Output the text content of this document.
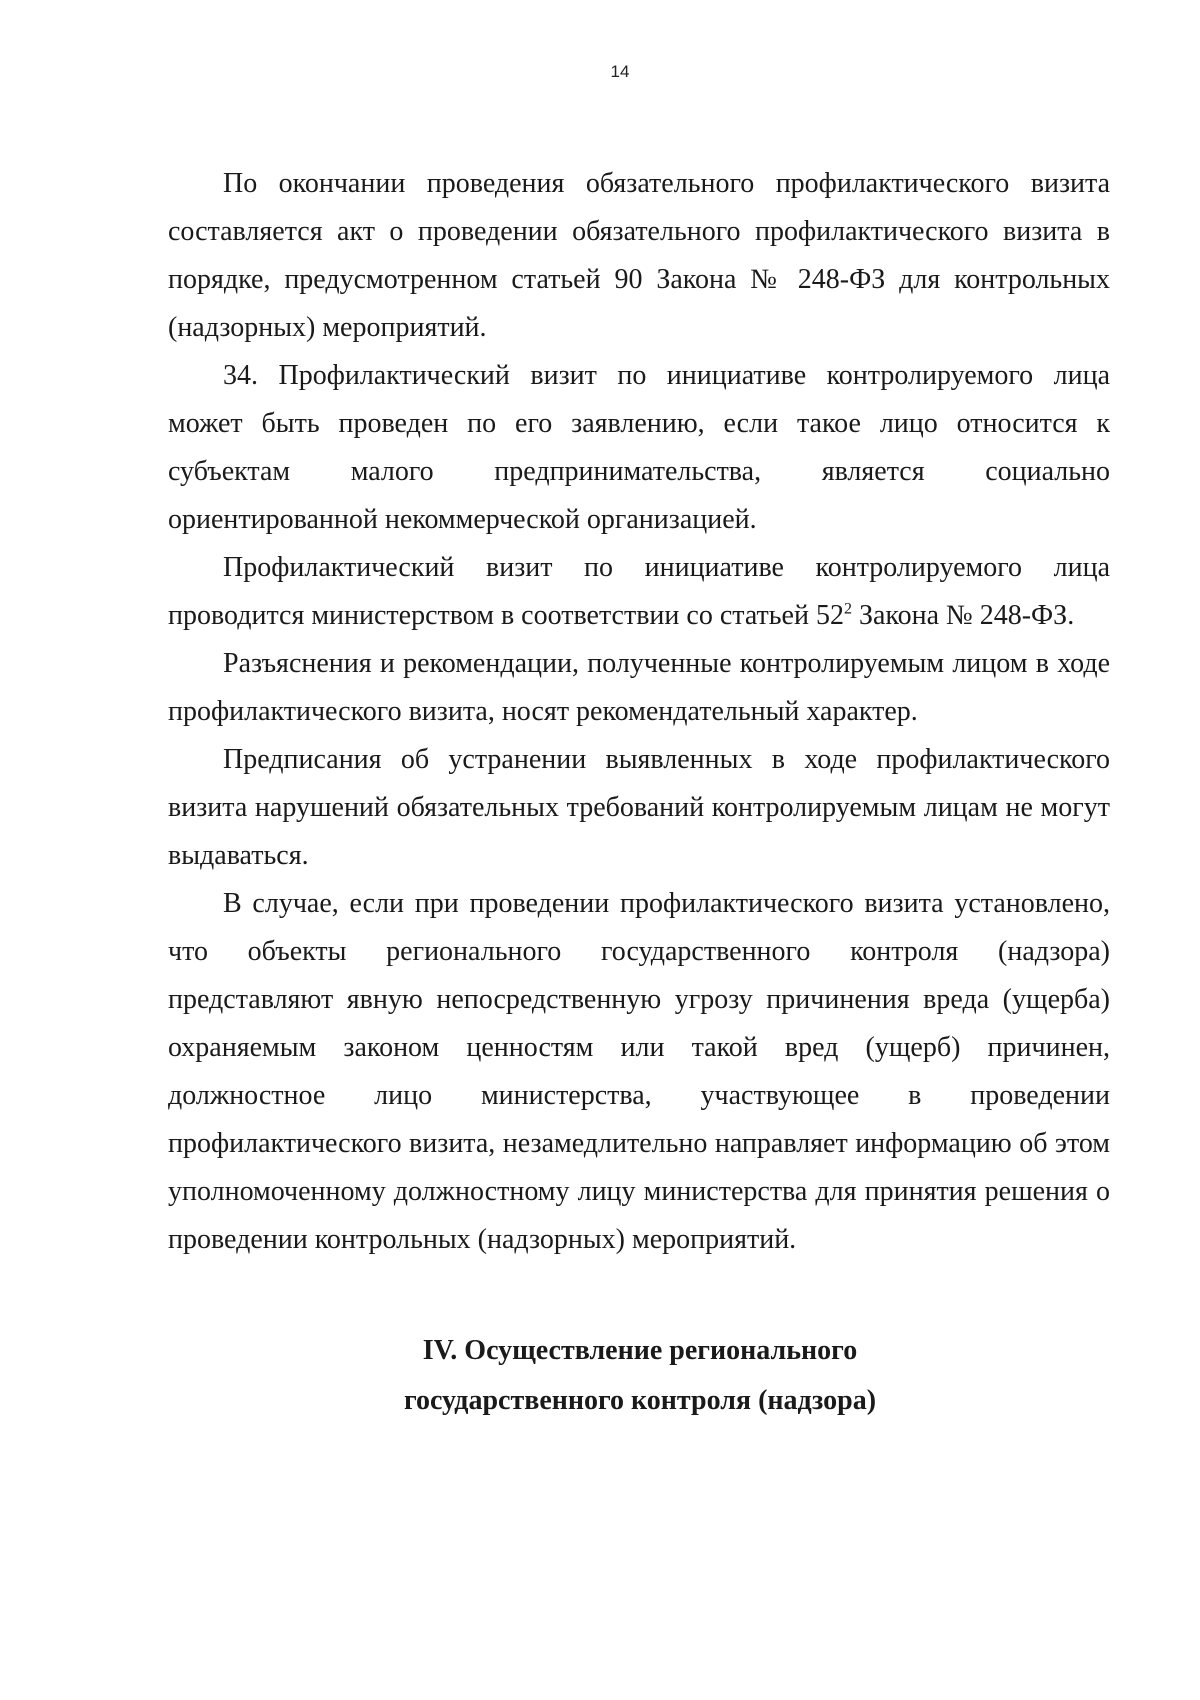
14

По окончании проведения обязательного профилактического визита составляется акт о проведении обязательного профилактического визита в порядке, предусмотренном статьей 90 Закона № 248-ФЗ для контрольных (надзорных) мероприятий.

34. Профилактический визит по инициативе контролируемого лица может быть проведен по его заявлению, если такое лицо относится к субъектам малого предпринимательства, является социально ориентированной некоммерческой организацией.

Профилактический визит по инициативе контролируемого лица проводится министерством в соответствии со статьей $52^2$ Закона № 248-ФЗ.

Разъяснения и рекомендации, полученные контролируемым лицом в ходе профилактического визита, носят рекомендательный характер.

Предписания об устранении выявленных в ходе профилактического визита нарушений обязательных требований контролируемым лицам не могут выдаваться.

В случае, если при проведении профилактического визита установлено, что объекты регионального государственного контроля (надзора) представляют явную непосредственную угрозу причинения вреда (ущерба) охраняемым законом ценностям или такой вред (ущерб) причинен, должностное лицо министерства, участвующее в проведении профилактического визита, незамедлительно направляет информацию об этом уполномоченному должностному лицу министерства для принятия решения о проведении контрольных (надзорных) мероприятий.

IV. Осуществление регионального
государственного контроля (надзора)
